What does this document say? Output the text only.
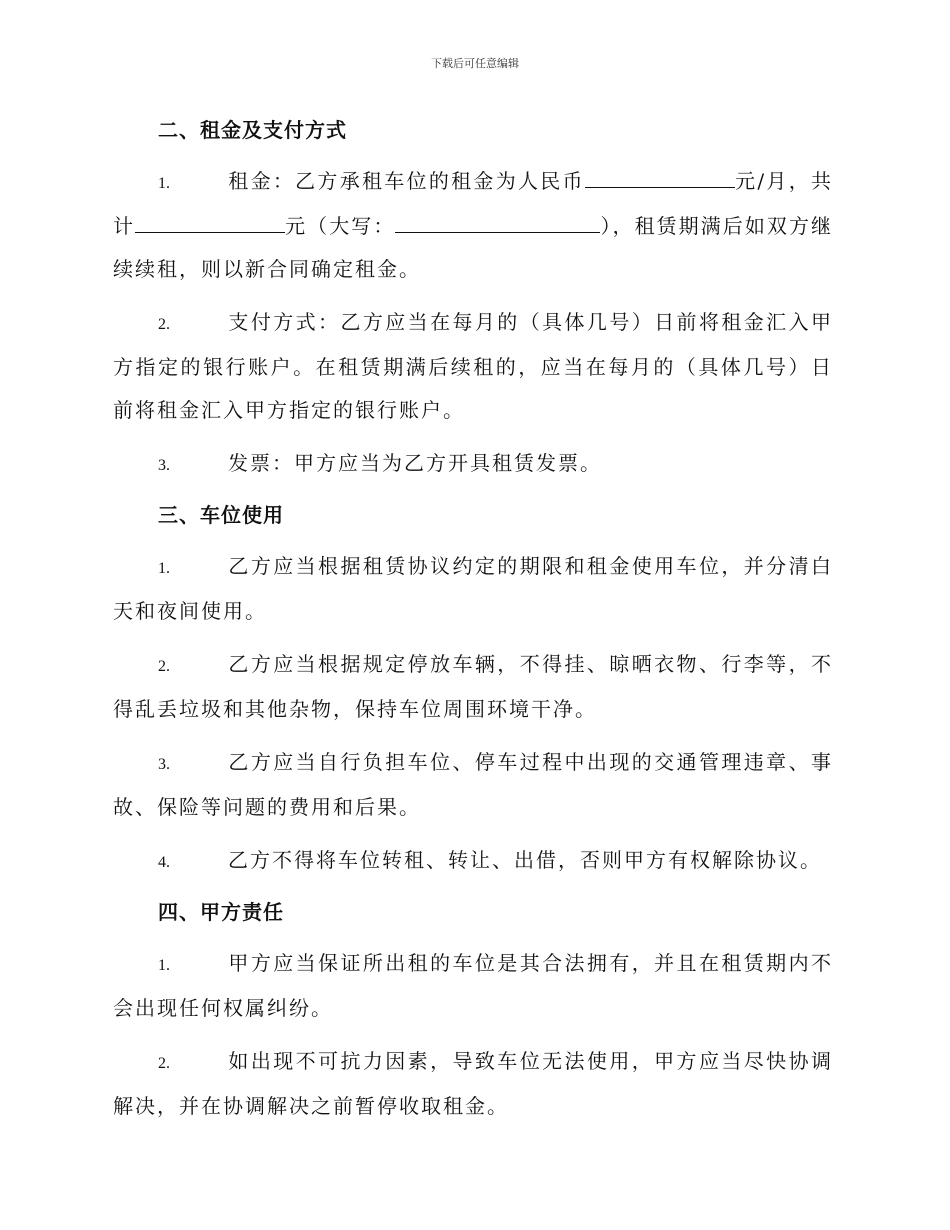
下载后可任意编辑
二、租金及支付方式

1.	租金：乙方承租车位的租金为人民币	元/月，共计	元（大写：	），租赁期满后如双方继续续租，则以新合同确定租金。

2.	支付方式：乙方应当在每月的（具体几号）日前将租金汇入甲方指定的银行账户。在租赁期满后续租的，应当在每月的（具体几号）日前将租金汇入甲方指定的银行账户。

3.	发票：甲方应当为乙方开具租赁发票。

三、车位使用

1.	乙方应当根据租赁协议约定的期限和租金使用车位，并分清白天和夜间使用。

2.	乙方应当根据规定停放车辆，不得挂、晾晒衣物、行李等，不得乱丢垃圾和其他杂物，保持车位周围环境干净。

3.	乙方应当自行负担车位、停车过程中出现的交通管理违章、事故、保险等问题的费用和后果。

4.	乙方不得将车位转租、转让、出借，否则甲方有权解除协议。

四、甲方责任

1.	甲方应当保证所出租的车位是其合法拥有，并且在租赁期内不会出现任何权属纠纷。

2.	如出现不可抗力因素，导致车位无法使用，甲方应当尽快协调解决，并在协调解决之前暂停收取租金。
